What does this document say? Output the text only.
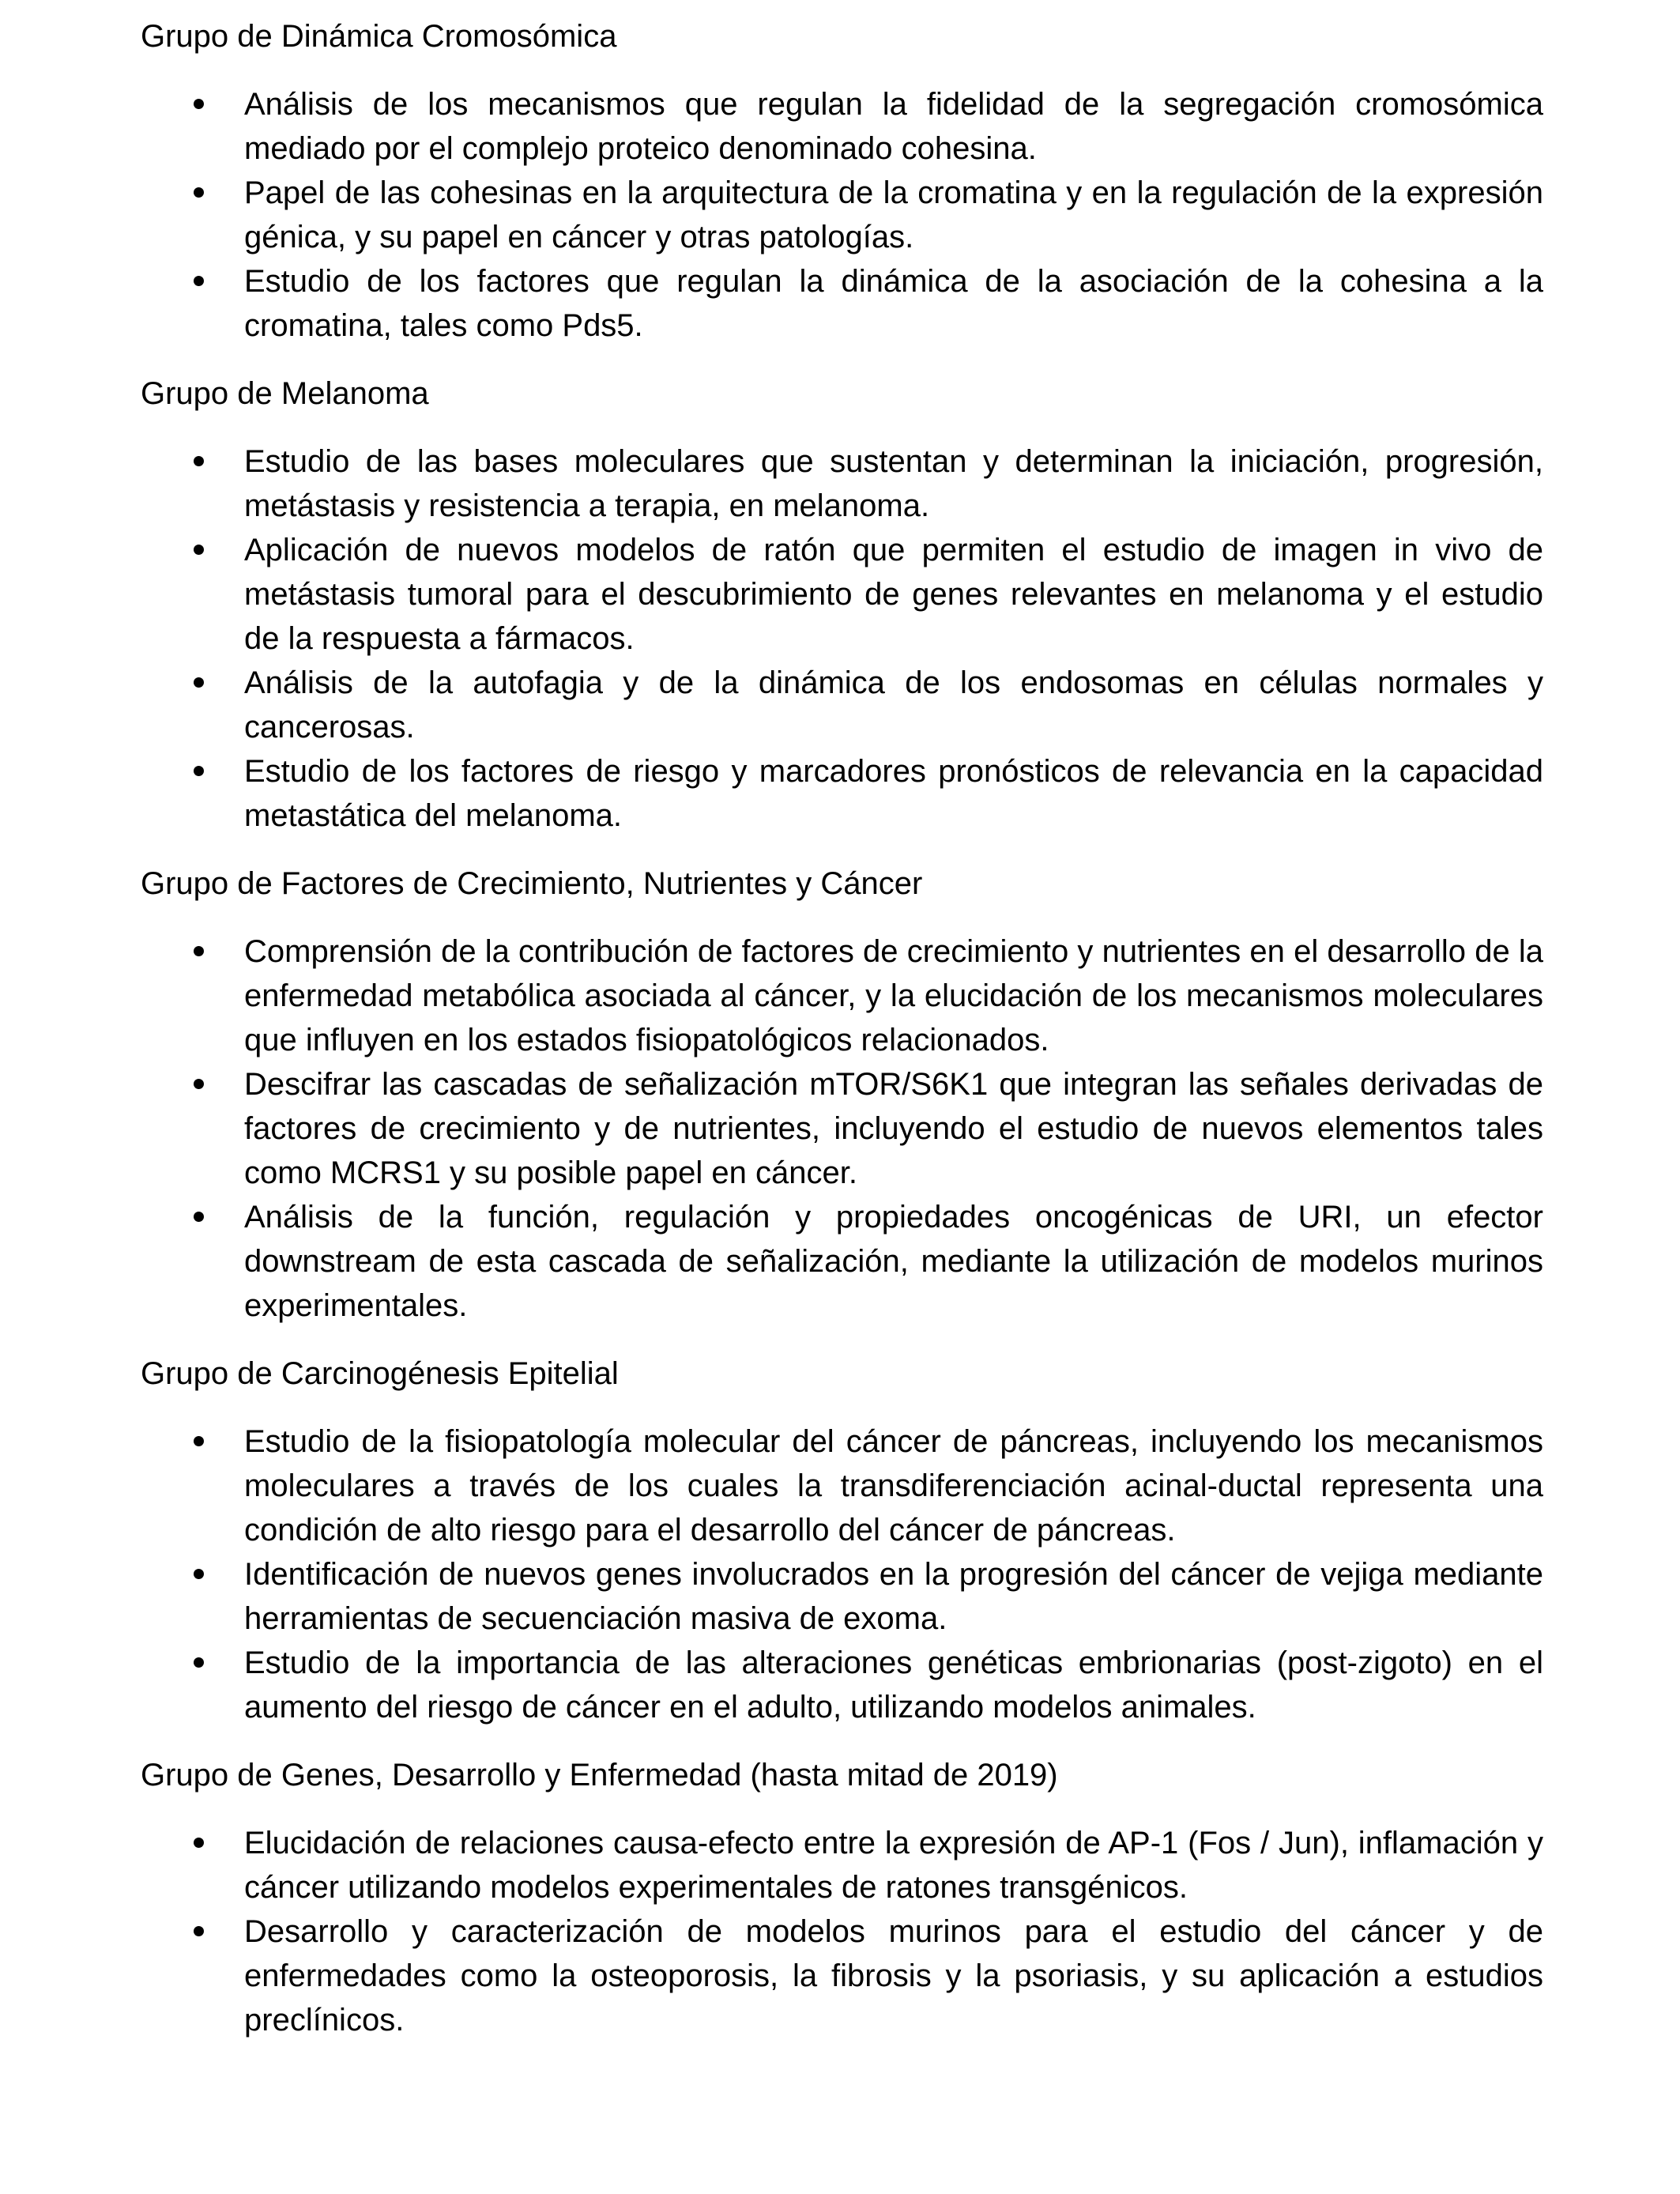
Grupo de Dinámica Cromosómica
Análisis de los mecanismos que regulan la fidelidad de la segregación cromosómica mediado por el complejo proteico denominado cohesina.
Papel de las cohesinas en la arquitectura de la cromatina y en la regulación de la expresión génica, y su papel en cáncer y otras patologías.
Estudio de los factores que regulan la dinámica de la asociación de la cohesina a la cromatina, tales como Pds5.
Grupo de Melanoma
Estudio de las bases moleculares que sustentan y determinan la iniciación, progresión, metástasis y resistencia a terapia, en melanoma.
Aplicación de nuevos modelos de ratón que permiten el estudio de imagen in vivo de metástasis tumoral para el descubrimiento de genes relevantes en melanoma y el estudio de la respuesta a fármacos.
Análisis de la autofagia y de la dinámica de los endosomas en células normales y cancerosas.
Estudio de los factores de riesgo y marcadores pronósticos de relevancia en la capacidad metastática del melanoma.
Grupo de Factores de Crecimiento, Nutrientes y Cáncer
Comprensión de la contribución de factores de crecimiento y nutrientes en el desarrollo de la enfermedad metabólica asociada al cáncer, y la elucidación de los mecanismos moleculares que influyen en los estados fisiopatológicos relacionados.
Descifrar las cascadas de señalización mTOR/S6K1 que integran las señales derivadas de factores de crecimiento y de nutrientes, incluyendo el estudio de nuevos elementos tales como MCRS1 y su posible papel en cáncer.
Análisis de la función, regulación y propiedades oncogénicas de URI, un efector downstream de esta cascada de señalización, mediante la utilización de modelos murinos experimentales.
Grupo de Carcinogénesis Epitelial
Estudio de la fisiopatología molecular del cáncer de páncreas, incluyendo los mecanismos moleculares a través de los cuales la transdiferenciación acinal-ductal representa una condición de alto riesgo para el desarrollo del cáncer de páncreas.
Identificación de nuevos genes involucrados en la progresión del cáncer de vejiga mediante herramientas de secuenciación masiva de exoma.
Estudio de la importancia de las alteraciones genéticas embrionarias (post-zigoto) en el aumento del riesgo de cáncer en el adulto, utilizando modelos animales.
Grupo de Genes, Desarrollo y Enfermedad (hasta mitad de 2019)
Elucidación de relaciones causa-efecto entre la expresión de AP-1 (Fos / Jun), inflamación y cáncer utilizando modelos experimentales de ratones transgénicos.
Desarrollo y caracterización de modelos murinos para el estudio del cáncer y de enfermedades como la osteoporosis, la fibrosis y la psoriasis, y su aplicación a estudios preclínicos.
